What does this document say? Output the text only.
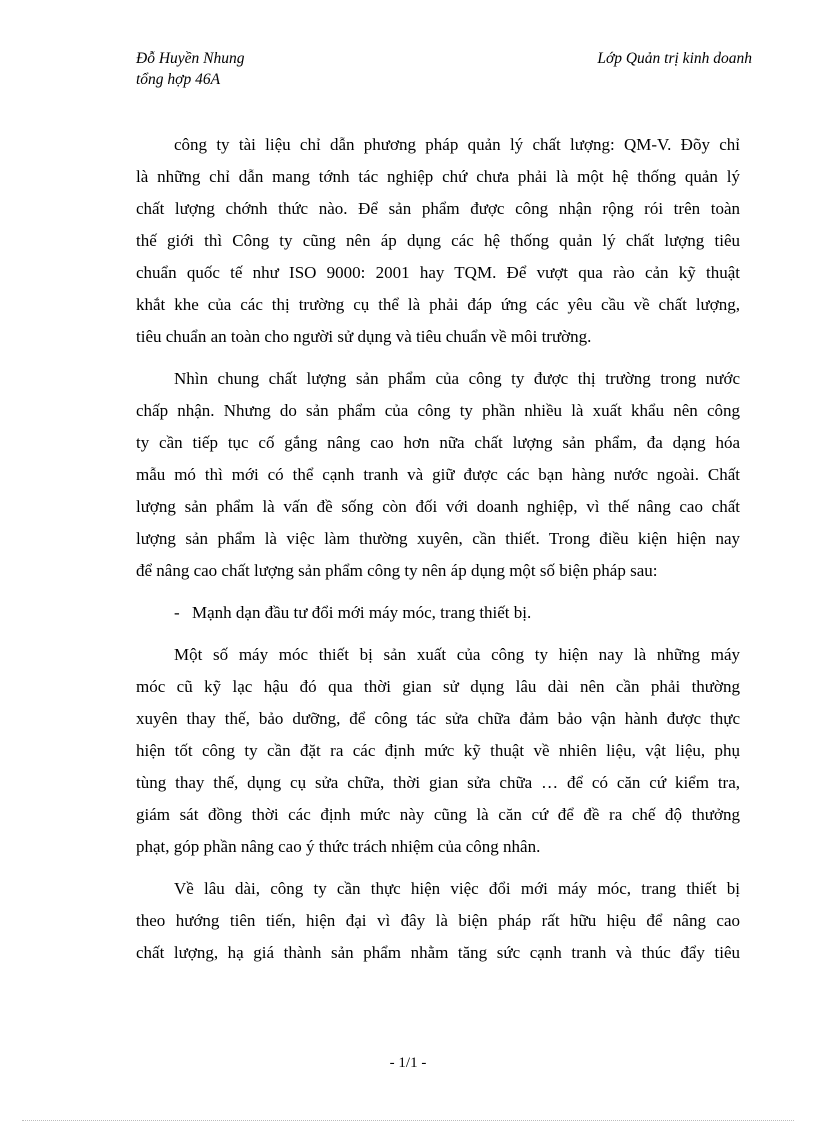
Đỗ Huyền Nhung
tổng hợp 46A
Lớp Quản trị kinh doanh
công ty tài liệu chỉ dẫn phương pháp quản lý chất lượng: QM-V. Đõy chỉ
là những chỉ dẫn mang tớnh tác nghiệp chứ chưa phải là một hệ thống quản lý
chất lượng chớnh thức nào. Để sản phẩm được công nhận rộng rói trên toàn
thế giới thì Công ty cũng nên áp dụng các hệ thống quản lý chất lượng tiêu
chuẩn quốc tế như ISO 9000: 2001 hay TQM. Để vượt qua rào cản kỹ thuật
khắt khe của các thị trường cụ thể là phải đáp ứng các yêu cầu về chất lượng,
tiêu chuẩn an toàn cho người sử dụng và tiêu chuẩn về môi trường.
Nhìn chung chất lượng sản phẩm của công ty được thị trường trong nước
chấp nhận. Nhưng do sản phẩm của công ty phần nhiều là xuất khẩu nên công
ty cần tiếp tục cố gắng nâng cao hơn nữa chất lượng sản phẩm, đa dạng hóa
mẫu mó thì mới có thể cạnh tranh và giữ được các bạn hàng nước ngoài. Chất
lượng sản phẩm là vấn đề sống còn đối với doanh nghiệp, vì thế nâng cao chất
lượng sản phẩm là việc làm thường xuyên, cần thiết. Trong điều kiện hiện nay
để nâng cao chất lượng sản phẩm công ty nên áp dụng một số biện pháp sau:
- Mạnh dạn đầu tư đổi mới máy móc, trang thiết bị.
Một số máy móc thiết bị sản xuất của công ty hiện nay là những máy
móc cũ kỹ lạc hậu đó qua thời gian sử dụng lâu dài nên cần phải thường
xuyên thay thế, bảo dưỡng, để công tác sửa chữa đảm bảo vận hành được thực
hiện tốt công ty cần đặt ra các định mức kỹ thuật về nhiên liệu, vật liệu, phụ
tùng thay thế, dụng cụ sửa chữa, thời gian sửa chữa … để có căn cứ kiểm tra,
giám sát đồng thời các định mức này cũng là căn cứ để đề ra chế độ thưởng
phạt, góp phần nâng cao ý thức trách nhiệm của công nhân.
Về lâu dài, công ty cần thực hiện việc đổi mới máy móc, trang thiết bị
theo hướng tiên tiến, hiện đại vì đây là biện pháp rất hữu hiệu để nâng cao
chất lượng, hạ giá thành sản phẩm nhằm tăng sức cạnh tranh và thúc đẩy tiêu
- 1/1 -
